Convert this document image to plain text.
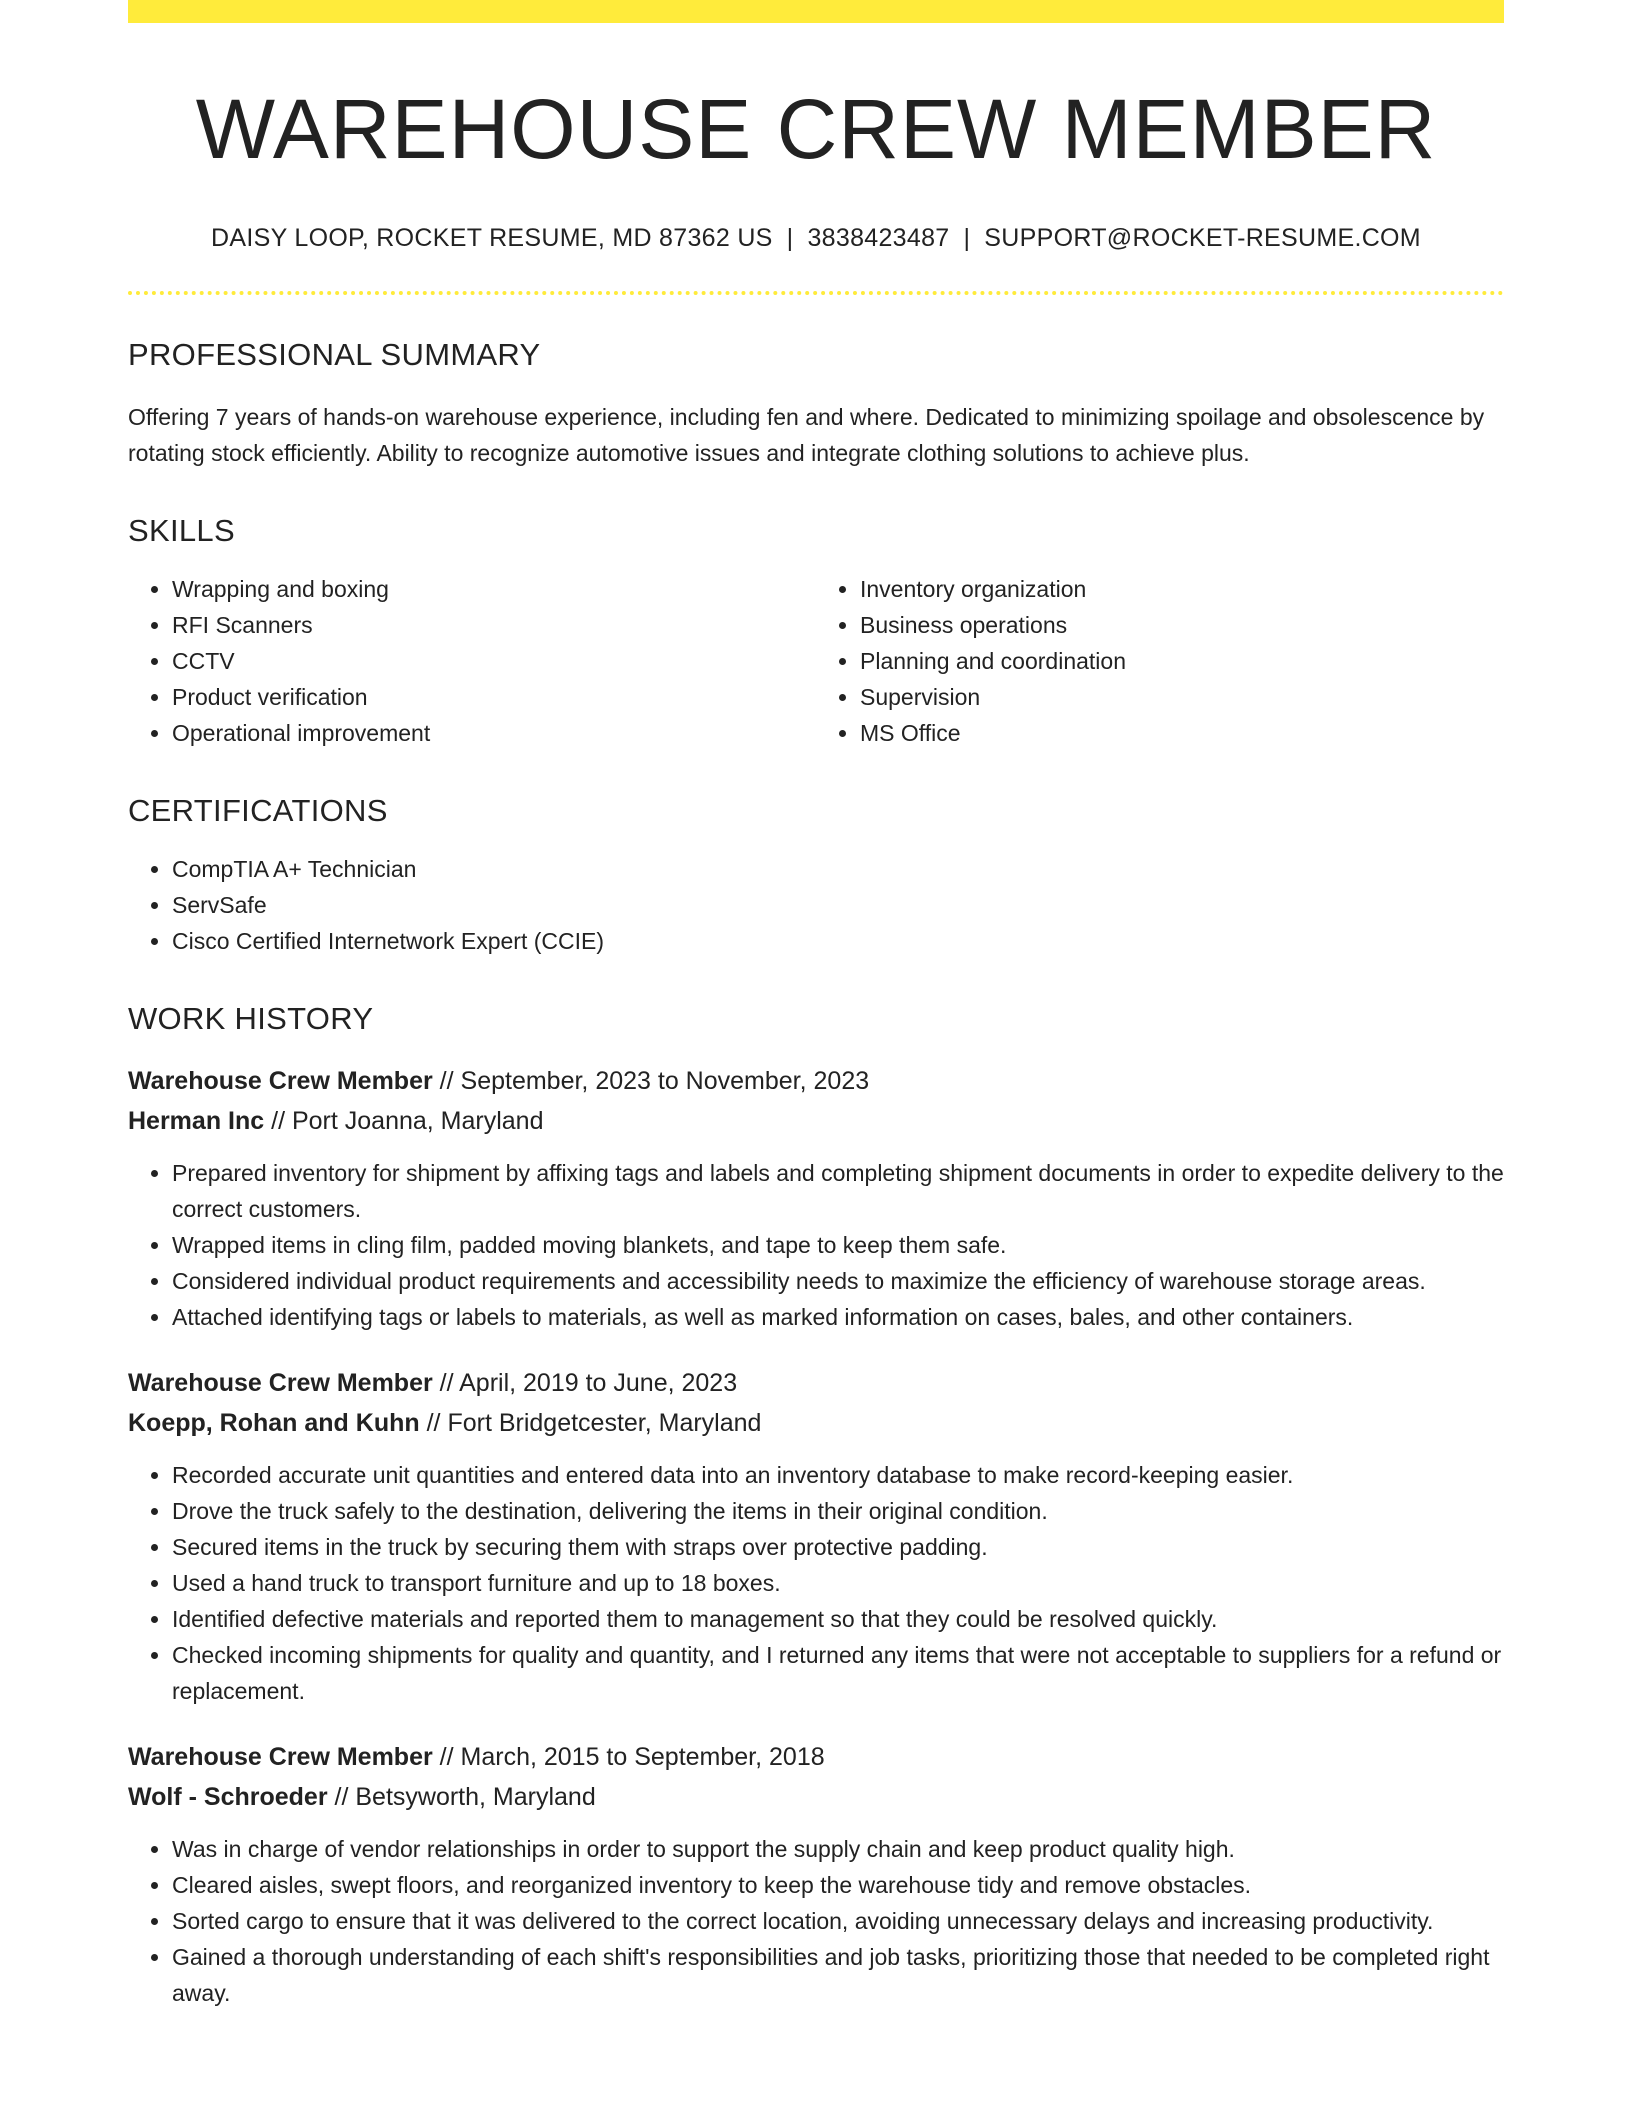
WAREHOUSE CREW MEMBER
DAISY LOOP, ROCKET RESUME, MD 87362 US | 3838423487 | SUPPORT@ROCKET-RESUME.COM
PROFESSIONAL SUMMARY

Offering 7 years of hands-on warehouse experience, including fen and where. Dedicated to minimizing spoilage and obsolescence by rotating stock efficiently. Ability to recognize automotive issues and integrate clothing solutions to achieve plus.

SKILLS
• Wrapping and boxing
• RFI Scanners
• CCTV
• Product verification
• Operational improvement
• Inventory organization
• Business operations
• Planning and coordination
• Supervision
• MS Office
CERTIFICATIONS
• CompTIA A+ Technician
• ServSafe
• Cisco Certified Internetwork Expert (CCIE)
WORK HISTORY
Warehouse Crew Member // September, 2023 to November, 2023
Herman Inc // Port Joanna, Maryland
• Prepared inventory for shipment by affixing tags and labels and completing shipment documents in order to expedite delivery to the correct customers.
• Wrapped items in cling film, padded moving blankets, and tape to keep them safe.
• Considered individual product requirements and accessibility needs to maximize the efficiency of warehouse storage areas.
• Attached identifying tags or labels to materials, as well as marked information on cases, bales, and other containers.
Warehouse Crew Member // April, 2019 to June, 2023
Koepp, Rohan and Kuhn // Fort Bridgetcester, Maryland
• Recorded accurate unit quantities and entered data into an inventory database to make record-keeping easier.
• Drove the truck safely to the destination, delivering the items in their original condition.
• Secured items in the truck by securing them with straps over protective padding.
• Used a hand truck to transport furniture and up to 18 boxes.
• Identified defective materials and reported them to management so that they could be resolved quickly.
• Checked incoming shipments for quality and quantity, and I returned any items that were not acceptable to suppliers for a refund or replacement.
Warehouse Crew Member // March, 2015 to September, 2018
Wolf - Schroeder // Betsyworth, Maryland
• Was in charge of vendor relationships in order to support the supply chain and keep product quality high.
• Cleared aisles, swept floors, and reorganized inventory to keep the warehouse tidy and remove obstacles.
• Sorted cargo to ensure that it was delivered to the correct location, avoiding unnecessary delays and increasing productivity.
• Gained a thorough understanding of each shift's responsibilities and job tasks, prioritizing those that needed to be completed right away.
